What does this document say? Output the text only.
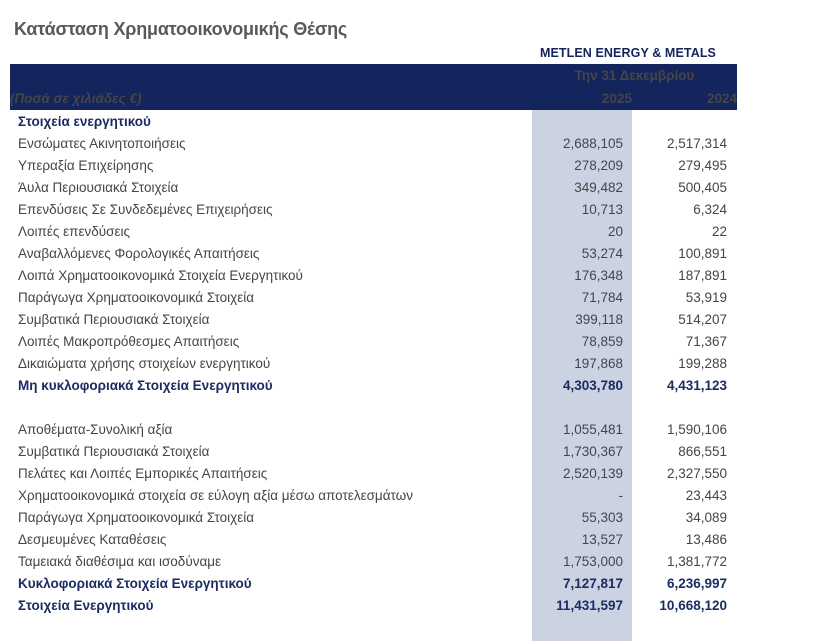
Κατάσταση Χρηματοοικονομικής Θέσης
METLEN ENERGY & METALS
	Την 31 Δεκεμβρίου	
(Ποσά σε χιλιάδες €)	2025	2024
Στοιχεία ενεργητικού		
Ενσώματες Ακινητοποιήσεις	2,688,105	2,517,314
Υπεραξία Επιχείρησης	278,209	279,495
Άυλα Περιουσιακά Στοιχεία	349,482	500,405
Επενδύσεις Σε Συνδεδεμένες Επιχειρήσεις	10,713	6,324
Λοιπές επενδύσεις	20	22
Αναβαλλόμενες Φορολογικές Απαιτήσεις	53,274	100,891
Λοιπά Χρηματοοικονομικά Στοιχεία Ενεργητικού	176,348	187,891
Παράγωγα Χρηματοοικονομικά Στοιχεία	71,784	53,919
Συμβατικά Περιουσιακά Στοιχεία	399,118	514,207
Λοιπές Μακροπρόθεσμες Απαιτήσεις	78,859	71,367
Δικαιώματα χρήσης στοιχείων ενεργητικού	197,868	199,288
Μη κυκλοφοριακά Στοιχεία Ενεργητικού	4,303,780	4,431,123

Αποθέματα-Συνολική αξία	1,055,481	1,590,106
Συμβατικά Περιουσιακά Στοιχεία	1,730,367	866,551
Πελάτες και Λοιπές Εμπορικές Απαιτήσεις	2,520,139	2,327,550
Χρηματοοικονομικά στοιχεία σε εύλογη αξία μέσω αποτελεσμάτων	-	23,443
Παράγωγα Χρηματοοικονομικά Στοιχεία	55,303	34,089
Δεσμευμένες Καταθέσεις	13,527	13,486
Ταμειακά διαθέσιμα και ισοδύναμε	1,753,000	1,381,772
Κυκλοφοριακά Στοιχεία Ενεργητικού	7,127,817	6,236,997
Στοιχεία Ενεργητικού	11,431,597	10,668,120
